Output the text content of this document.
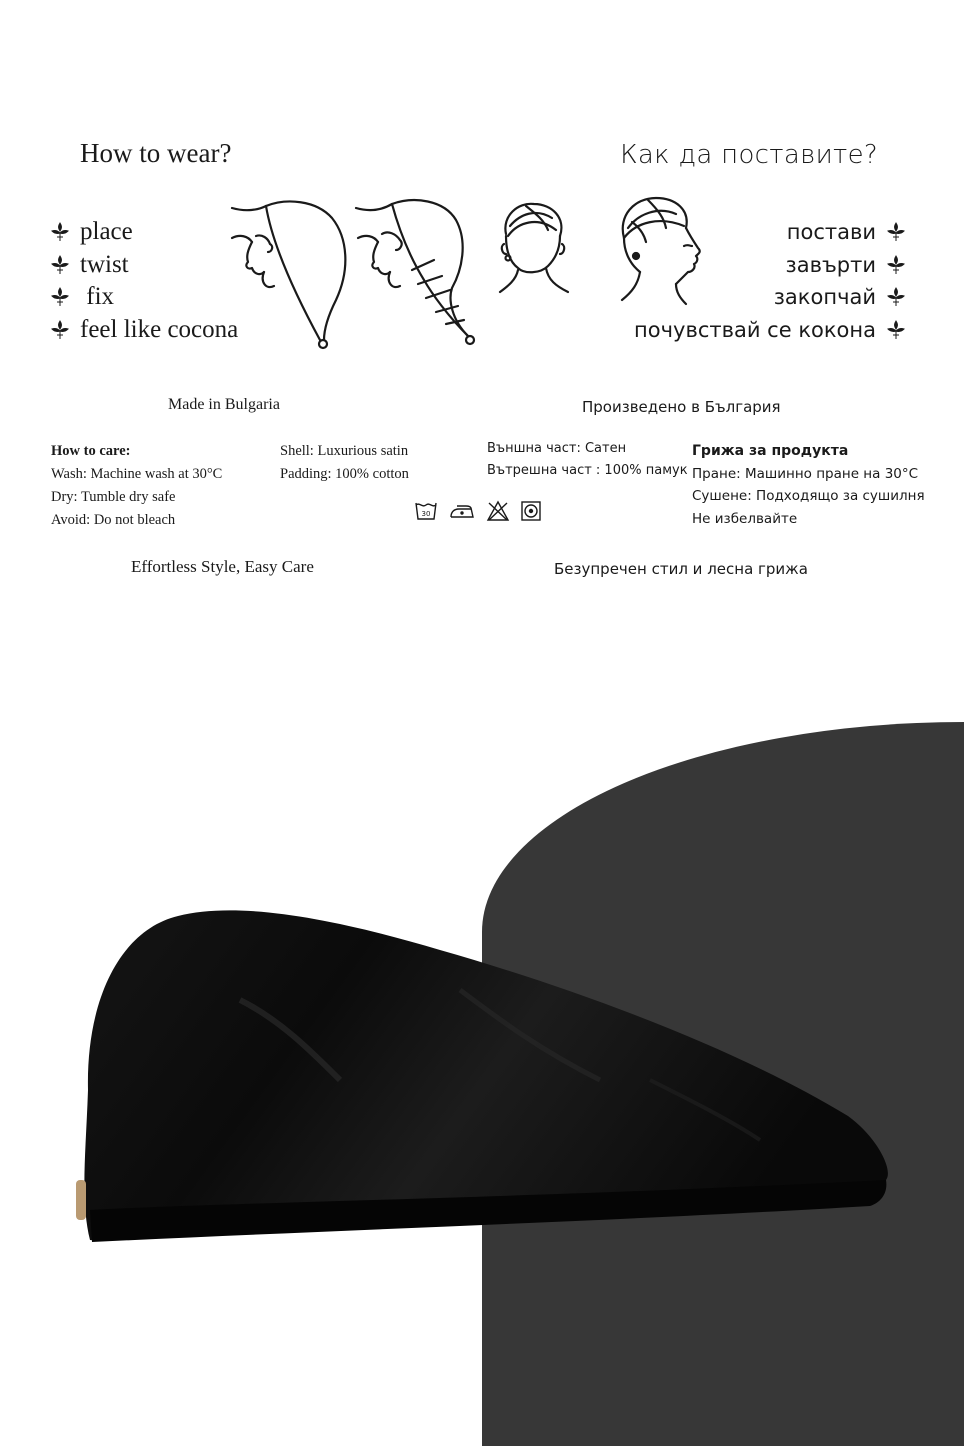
How to wear?	Как да поставите?
place
twist
fix
feel like cocona
постави
завърти
закопчай
почувствай се кокона
Made in Bulgaria	Произведено в България
How to care:
Wash: Machine wash at 30°C
Dry: Tumble dry safe
Avoid: Do not bleach
Shell: Luxurious satin
Padding: 100% cotton
Външна част: Сатен
Вътрешна част : 100% памук
Грижа за продукта
Пране: Машинно пране на 30°C
Сушене: Подходящо за сушилня
Не избелвайте
30
Effortless Style, Easy Care	Безупречен стил и лесна грижа
